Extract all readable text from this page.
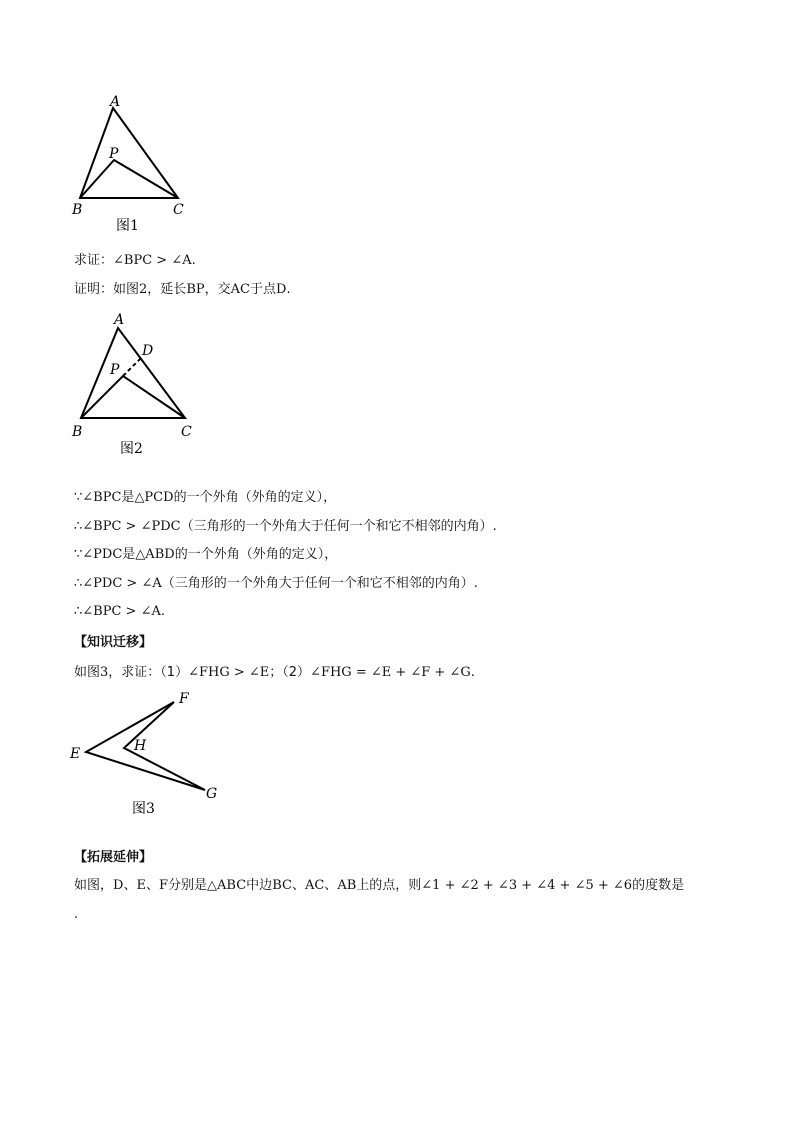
A
P
B	C
图1
求证：∠BPC > ∠A.
证明：如图2，延长BP，交AC于点D.
A
D
P
B	C
图2
∵∠BPC是△PCD的一个外角（外角的定义），
∴∠BPC > ∠PDC（三角形的一个外角大于任何一个和它不相邻的内角）.
∵∠PDC是△ABD的一个外角（外角的定义），
∴∠PDC > ∠A（三角形的一个外角大于任何一个和它不相邻的内角）.
∴∠BPC > ∠A.
【知识迁移】
如图3，求证：（1）∠FHG > ∠E；（2）∠FHG = ∠E + ∠F + ∠G.
F
E	H
G
图3
【拓展延伸】
如图，D、E、F分别是△ABC中边BC、AC、AB上的点，则∠1 + ∠2 + ∠3 + ∠4 + ∠5 + ∠6的度数是
.
